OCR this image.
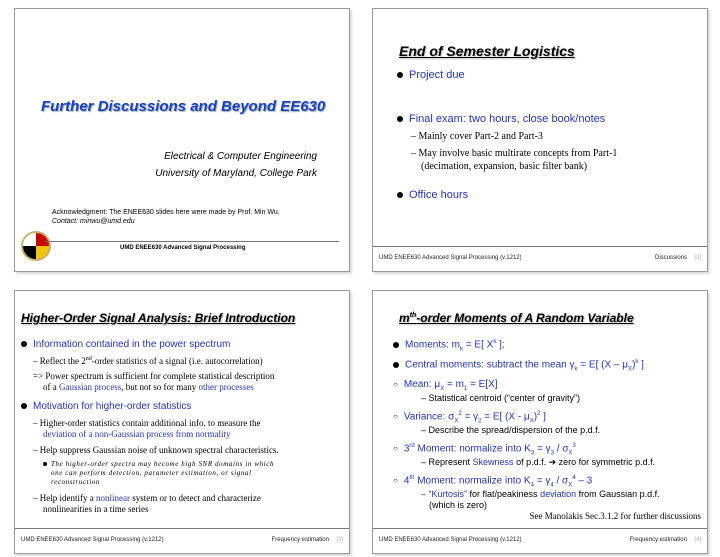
Further Discussions and Beyond EE630
Electrical & Computer Engineering
University of Maryland, College Park
Acknowledgment: The ENEE630 slides here were made by Prof. Min Wu.
Contact: minwu@umd.edu
UMD ENEE630 Advanced Signal Processing
End of Semester Logistics
Project due
Final exam: two hours, close book/notes
– Mainly cover Part-2 and Part-3
– May involve basic multirate concepts from Part-1
(decimation, expansion, basic filter bank)
Office hours
UMD ENEE630 Advanced Signal Processing (v.1212)	Discussions [2]
Higher-Order Signal Analysis: Brief Introduction
Information contained in the power spectrum
– Reflect the 2nd-order statistics of a signal (i.e. autocorrelation)
=> Power spectrum is sufficient for complete statistical description
of a Gaussian process, but not so for many other processes
Motivation for higher-order statistics
– Higher-order statistics contain additional info. to measure the
deviation of a non-Gaussian process from normality
– Help suppress Gaussian noise of unknown spectral characteristics.
The higher-order spectra may become high SNR domains in which
one can perform detection, parameter estimation, or signal
reconstruction
– Help identify a nonlinear system or to detect and characterize
nonlinearities in a time series
UMD ENEE630 Advanced Signal Processing (v.1212)	Frequency estimation [3]
$m^{th}$-order Moments of A Random Variable
Moments: $m_k = E$[ $X^k$ ];
Central moments: subtract the mean $\gamma_k = E$[ $(X - \mu_X)^k$ ]
○ Mean: $\mu_X = m_1 = E[X]$
– Statistical centroid (“center of gravity”)
○ Variance: $\sigma_X^2 = \gamma_2 = E$[ $(X - \mu_X)^2$ ]
– Describe the spread/dispersion of the p.d.f.
○ 3rd Moment: normalize into $K_3 = \gamma_3 / \sigma_X^3$
– Represent Skewness of p.d.f. ➔ zero for symmetric p.d.f.
○ 4th Moment: normalize into $K_4 = \gamma_4 / \sigma_X^4 - 3$
– “Kurtosis” for flat/peakiness deviation from Gaussian p.d.f.
(which is zero)
See Manolakis Sec.3.1.2 for further discussions
UMD ENEE630 Advanced Signal Processing (v.1212)	Frequency estimation [4]
